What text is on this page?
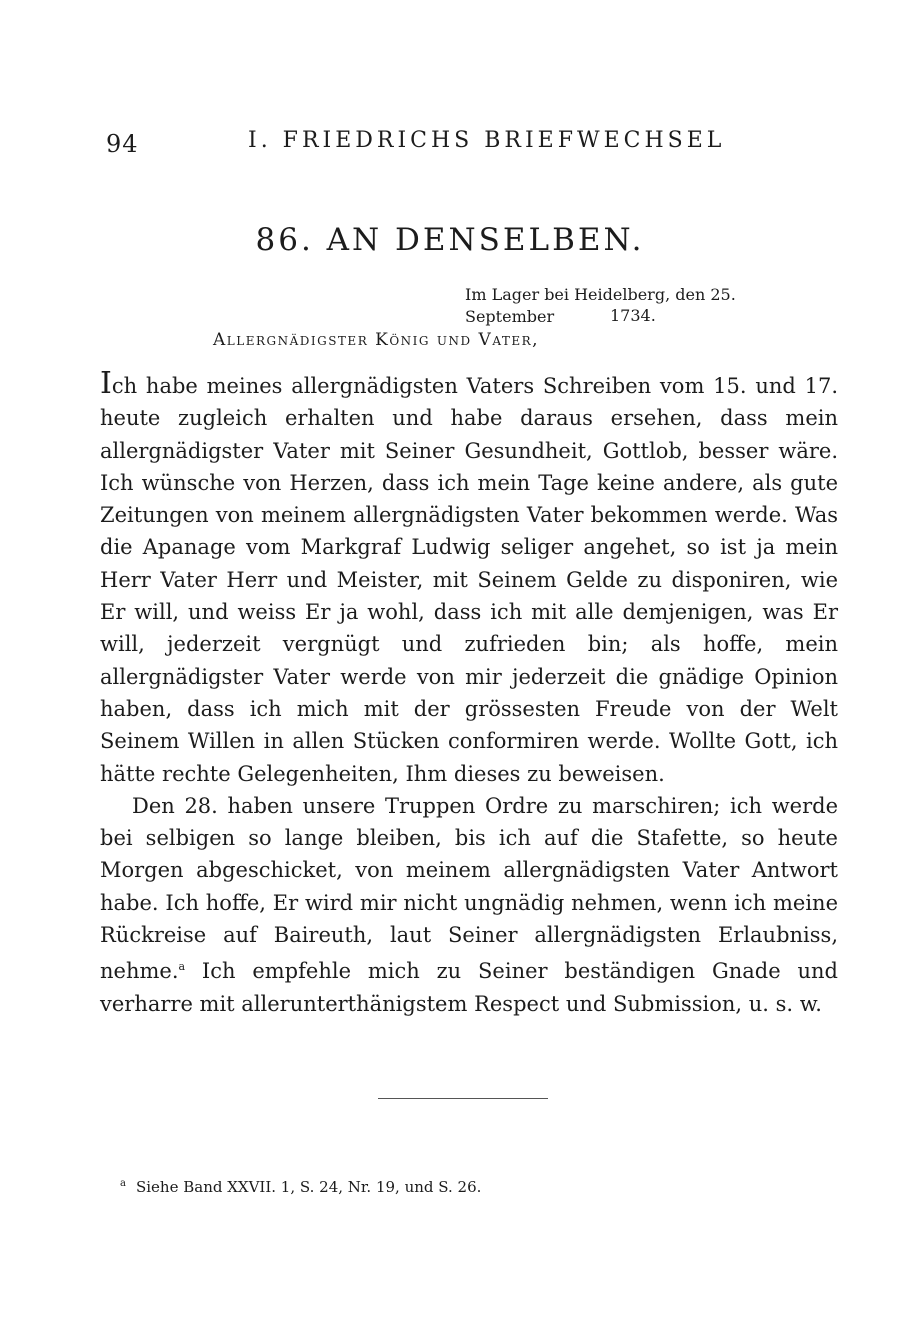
94	I. FRIEDRICHS BRIEFWECHSEL
86. AN DENSELBEN.
Im Lager bei Heidelberg, den 25. September	1734.
Allergnädigster König und Vater,

Ich habe meines allergnädigsten Vaters Schreiben vom 15. und 17. heute zugleich erhalten und habe daraus ersehen, dass mein allergnädigster Vater mit Seiner Gesundheit, Gottlob, besser wäre. Ich wünsche von Herzen, dass ich mein Tage keine andere, als gute Zeitungen von meinem allergnädigsten Vater bekommen werde. Was die Apanage vom Markgraf Ludwig seliger angehet, so ist ja mein Herr Vater Herr und Meister, mit Seinem Gelde zu disponiren, wie Er will, und weiss Er ja wohl, dass ich mit alle demjenigen, was Er will, jederzeit vergnügt und zufrieden bin; als hoffe, mein allergnädigster Vater werde von mir jederzeit die gnädige Opinion haben, dass ich mich mit der grössesten Freude von der Welt Seinem Willen in allen Stücken conformiren werde. Wollte Gott, ich hätte rechte Gelegenheiten, Ihm dieses zu beweisen.

Den 28. haben unsere Truppen Ordre zu marschiren; ich werde bei selbigen so lange bleiben, bis ich auf die Stafette, so heute Morgen abgeschicket, von meinem allergnädigsten Vater Antwort habe. Ich hoffe, Er wird mir nicht ungnädig nehmen, wenn ich meine Rückreise auf Baireuth, laut Seiner allergnädigsten Erlaubniss, nehme.$^a$ Ich empfehle mich zu Seiner beständigen Gnade und verharre mit allerunterthänigstem Respect und Submission, u. s. w.

$^a$ Siehe Band XXVII. 1, S. 24, Nr. 19, und S. 26.
